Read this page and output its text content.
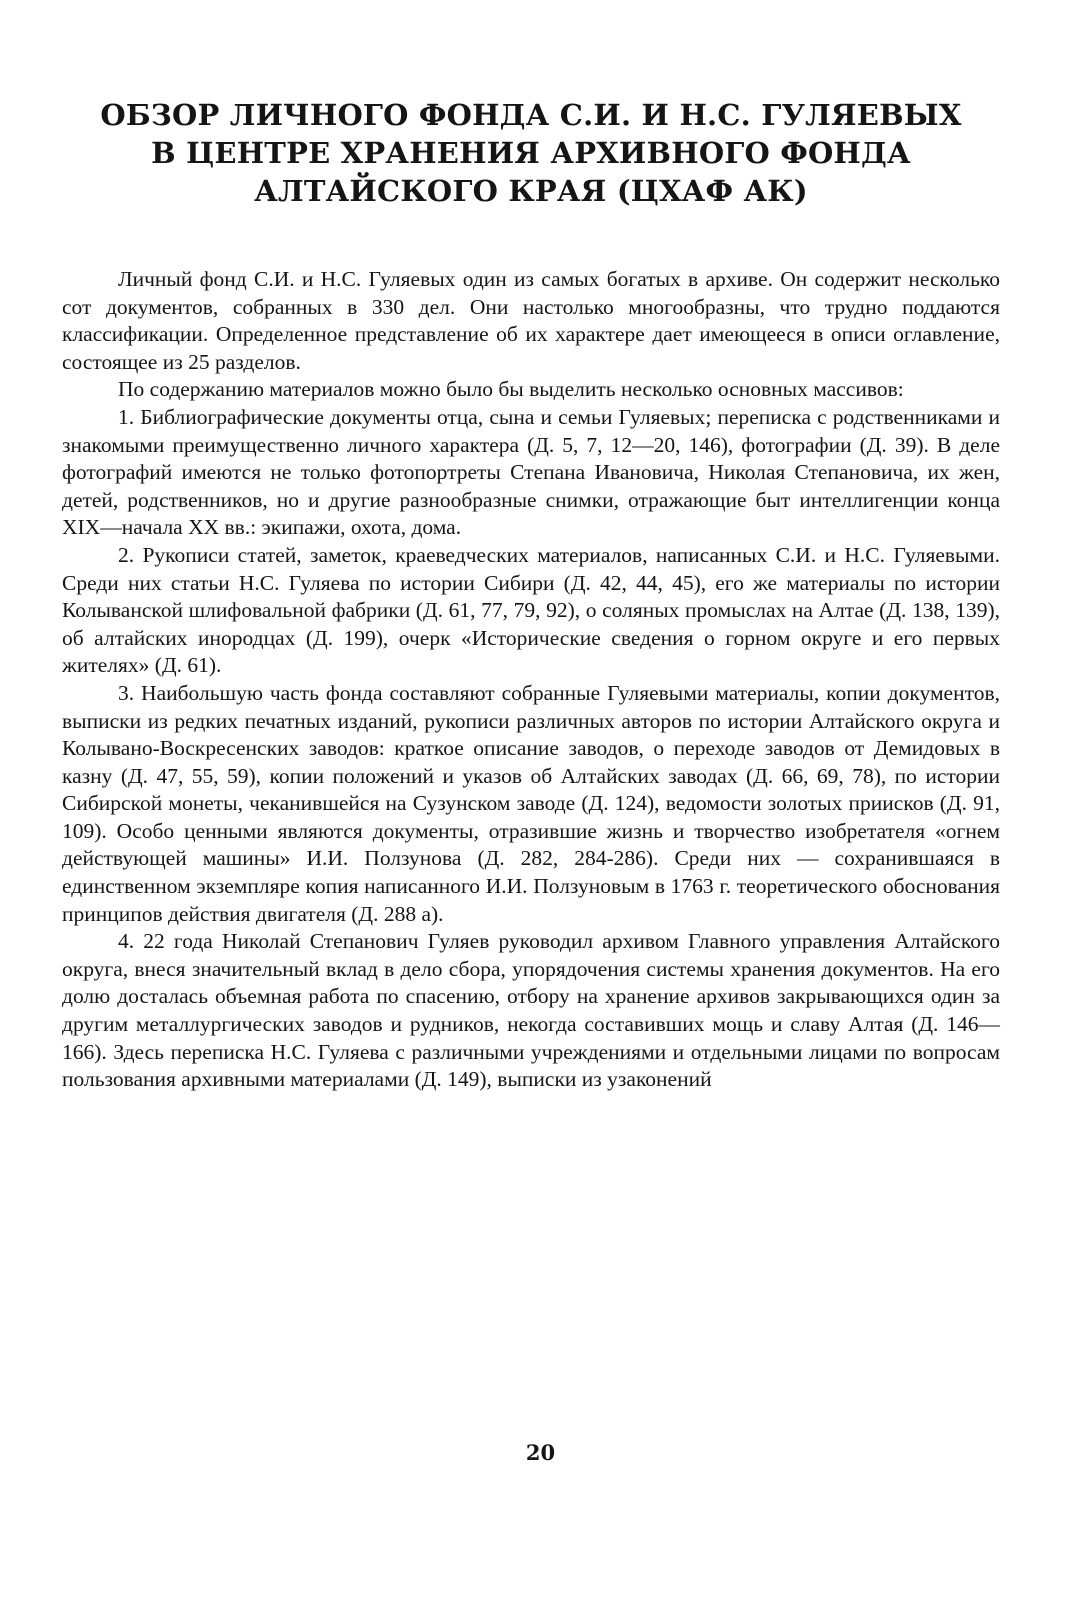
ОБЗОР ЛИЧНОГО ФОНДА С.И. И Н.С. ГУЛЯЕВЫХ
В ЦЕНТРЕ ХРАНЕНИЯ АРХИВНОГО ФОНДА
АЛТАЙСКОГО КРАЯ (ЦХАФ АК)

Личный фонд С.И. и Н.С. Гуляевых один из самых богатых в архиве. Он содержит несколько сот документов, собранных в 330 дел. Они настолько многообразны, что трудно поддаются классификации. Определенное представление об их характере дает имеющееся в описи оглавление, состоящее из 25 разделов.

По содержанию материалов можно было бы выделить несколько основных массивов:

1. Библиографические документы отца, сына и семьи Гуляевых; переписка с родственниками и знакомыми преимущественно личного характера (Д. 5, 7, 12—20, 146), фотографии (Д. 39). В деле фотографий имеются не только фотопортреты Степана Ивановича, Николая Степановича, их жен, детей, родственников, но и другие разнообразные снимки, отражающие быт интеллигенции конца XIX—начала XX вв.: экипажи, охота, дома.

2. Рукописи статей, заметок, краеведческих материалов, написанных С.И. и Н.С. Гуляевыми. Среди них статьи Н.С. Гуляева по истории Сибири (Д. 42, 44, 45), его же материалы по истории Колыванской шлифовальной фабрики (Д. 61, 77, 79, 92), о соляных промыслах на Алтае (Д. 138, 139), об алтайских инородцах (Д. 199), очерк «Исторические сведения о горном округе и его первых жителях» (Д. 61).

3. Наибольшую часть фонда составляют собранные Гуляевыми материалы, копии документов, выписки из редких печатных изданий, рукописи различных авторов по истории Алтайского округа и Колывано-Воскресенских заводов: краткое описание заводов, о переходе заводов от Демидовых в казну (Д. 47, 55, 59), копии положений и указов об Алтайских заводах (Д. 66, 69, 78), по истории Сибирской монеты, чеканившейся на Сузунском заводе (Д. 124), ведомости золотых приисков (Д. 91, 109). Особо ценными являются документы, отразившие жизнь и творчество изобретателя «огнем действующей машины» И.И. Ползунова (Д. 282, 284-286). Среди них — сохранившаяся в единственном экземпляре копия написанного И.И. Ползуновым в 1763 г. теоретического обоснования принципов действия двигателя (Д. 288 а).

4. 22 года Николай Степанович Гуляев руководил архивом Главного управления Алтайского округа, внеся значительный вклад в дело сбора, упорядочения системы хранения документов. На его долю досталась объемная работа по спасению, отбору на хранение архивов закрывающихся один за другим металлургических заводов и рудников, некогда составивших мощь и славу Алтая (Д. 146—166). Здесь переписка Н.С. Гуляева с различными учреждениями и отдельными лицами по вопросам пользования архивными материалами (Д. 149), выписки из узаконений

20
